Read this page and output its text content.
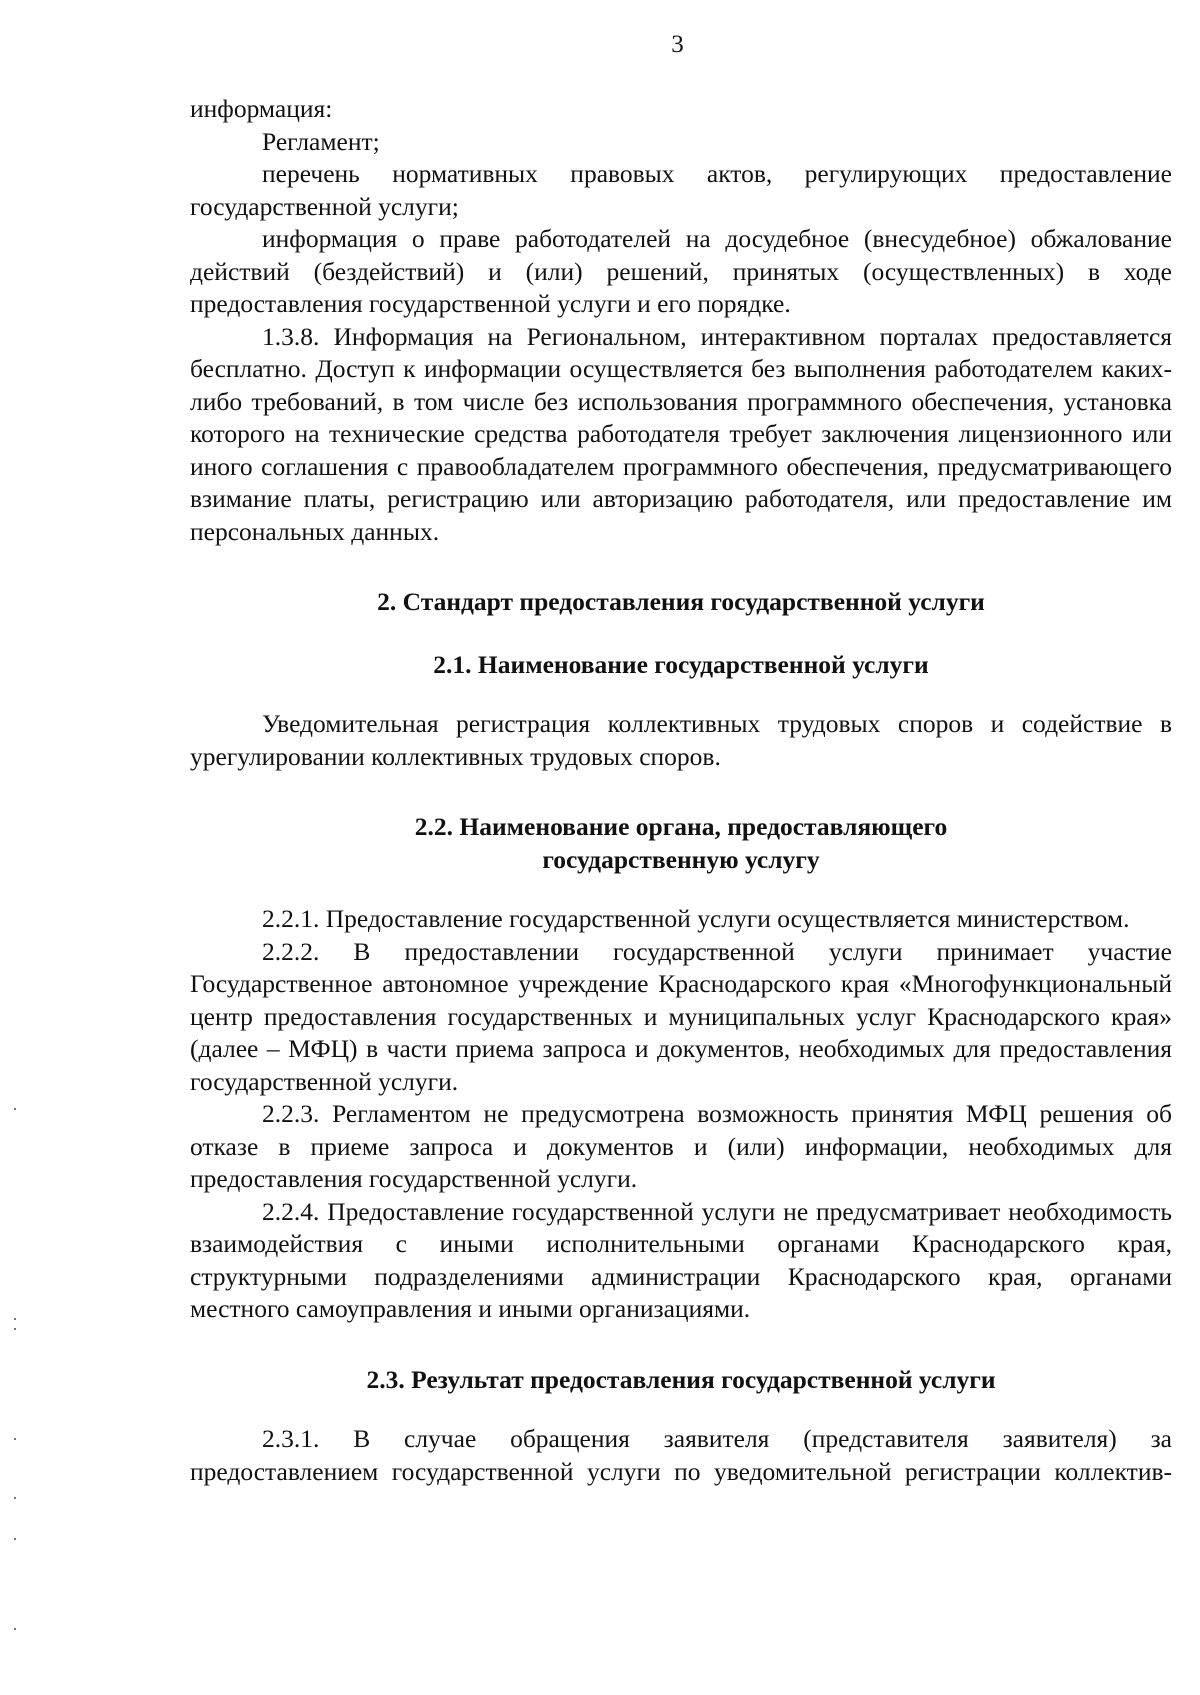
3

информация:

Регламент;

перечень нормативных правовых актов, регулирующих предоставление государственной услуги;

информация о праве работодателей на досудебное (внесудебное) обжалование действий (бездействий) и (или) решений, принятых (осуществленных) в ходе предоставления государственной услуги и его порядке.

1.3.8. Информация на Региональном, интерактивном порталах предоставляется бесплатно. Доступ к информации осуществляется без выполнения работодателем каких-либо требований, в том числе без использования программного обеспечения, установка которого на технические средства работодателя требует заключения лицензионного или иного соглашения с правообладателем программного обеспечения, предусматривающего взимание платы, регистрацию или авторизацию работодателя, или предоставление им персональных данных.

2. Стандарт предоставления государственной услуги

2.1. Наименование государственной услуги

Уведомительная регистрация коллективных трудовых споров и содействие в урегулировании коллективных трудовых споров.

2.2. Наименование органа, предоставляющего

государственную услугу

2.2.1. Предоставление государственной услуги осуществляется министерством.

2.2.2. В предоставлении государственной услуги принимает участие Государственное автономное учреждение Краснодарского края «Многофункциональный центр предоставления государственных и муниципальных услуг Краснодарского края» (далее – МФЦ) в части приема запроса и документов, необходимых для предоставления государственной услуги.

2.2.3. Регламентом не предусмотрена возможность принятия МФЦ решения об отказе в приеме запроса и документов и (или) информации, необходимых для предоставления государственной услуги.

2.2.4. Предоставление государственной услуги не предусматривает необходимость взаимодействия с иными исполнительными органами Краснодарского края, структурными подразделениями администрации Краснодарского края, органами местного самоуправления и иными организациями.

2.3. Результат предоставления государственной услуги

2.3.1. В случае обращения заявителя (представителя заявителя) за предоставлением государственной услуги по уведомительной регистрации коллектив-
